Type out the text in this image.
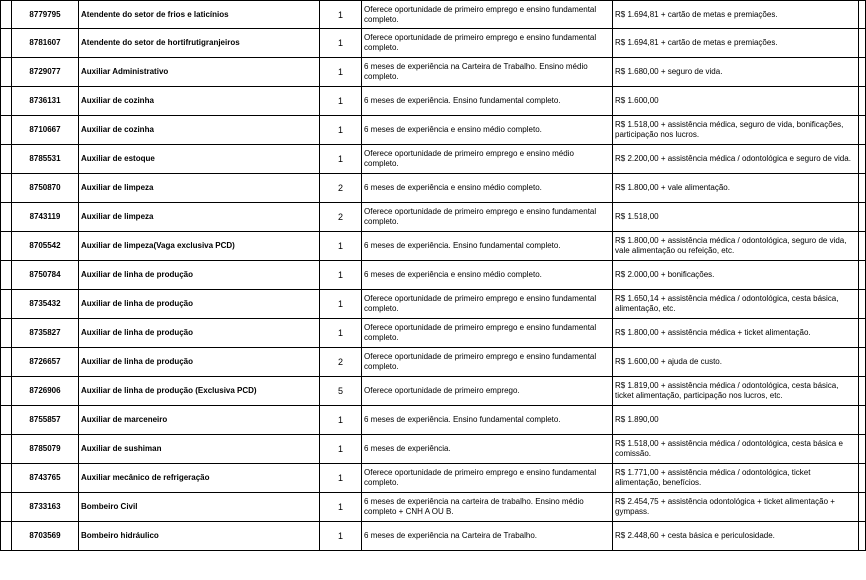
	8779795	Atendente do setor de frios e laticínios	1	Oferece oportunidade de primeiro emprego e ensino fundamental completo.	R$ 1.694,81 + cartão de metas e premiações.	
	8781607	Atendente do setor de hortifrutigranjeiros	1	Oferece oportunidade de primeiro emprego e ensino fundamental completo.	R$ 1.694,81 + cartão de metas e premiações.	
	8729077	Auxiliar Administrativo	1	6 meses de experiência na Carteira de Trabalho. Ensino médio completo.	R$ 1.680,00 + seguro de vida.	
	8736131	Auxiliar de cozinha	1	6 meses de experiência. Ensino fundamental completo.	R$ 1.600,00	
	8710667	Auxiliar de cozinha	1	6 meses de experiência e ensino médio completo.	R$ 1.518,00 + assistência médica, seguro de vida, bonificações, participação nos lucros.	
	8785531	Auxiliar de estoque	1	Oferece oportunidade de primeiro emprego e ensino médio completo.	R$ 2.200,00 + assistência médica / odontológica e seguro de vida.	
	8750870	Auxiliar de limpeza	2	6 meses de experiência e ensino médio completo.	R$ 1.800,00 + vale alimentação.	
	8743119	Auxiliar de limpeza	2	Oferece oportunidade de primeiro emprego e ensino fundamental completo.	R$ 1.518,00	
	8705542	Auxiliar de limpeza(Vaga exclusiva PCD)	1	6 meses de experiência. Ensino fundamental completo.	R$ 1.800,00 + assistência médica / odontológica, seguro de vida, vale alimentação ou refeição, etc.	
	8750784	Auxiliar de linha de produção	1	6 meses de experiência e ensino médio completo.	R$ 2.000,00 + bonificações.	
	8735432	Auxiliar de linha de produção	1	Oferece oportunidade de primeiro emprego e ensino fundamental completo.	R$ 1.650,14 + assistência médica / odontológica, cesta básica, alimentação, etc.	
	8735827	Auxiliar de linha de produção	1	Oferece oportunidade de primeiro emprego e ensino fundamental completo.	R$ 1.800,00 + assistência médica + ticket alimentação.	
	8726657	Auxiliar de linha de produção	2	Oferece oportunidade de primeiro emprego e ensino fundamental completo.	R$ 1.600,00 + ajuda de custo.	
	8726906	Auxiliar de linha de produção (Exclusiva PCD)	5	Oferece oportunidade de primeiro emprego.	R$ 1.819,00 + assistência médica / odontológica, cesta básica, ticket alimentação, participação nos lucros, etc.	
	8755857	Auxiliar de marceneiro	1	6 meses de experiência. Ensino fundamental completo.	R$ 1.890,00	
	8785079	Auxiliar de sushiman	1	6 meses de experiência.	R$ 1.518,00 + assistência médica / odontológica, cesta básica e comissão.	
	8743765	Auxiliar mecânico de refrigeração	1	Oferece oportunidade de primeiro emprego e ensino fundamental completo.	R$ 1.771,00 + assistência médica / odontológica, ticket alimentação, benefícios.	
	8733163	Bombeiro Civil	1	6 meses de experiência na carteira de trabalho. Ensino médio completo + CNH A OU B.	R$ 2.454,75 + assistência odontológica + ticket alimentação + gympass.	
	8703569	Bombeiro hidráulico	1	6 meses de experiência na Carteira de Trabalho.	R$ 2.448,60 + cesta básica e periculosidade.	
